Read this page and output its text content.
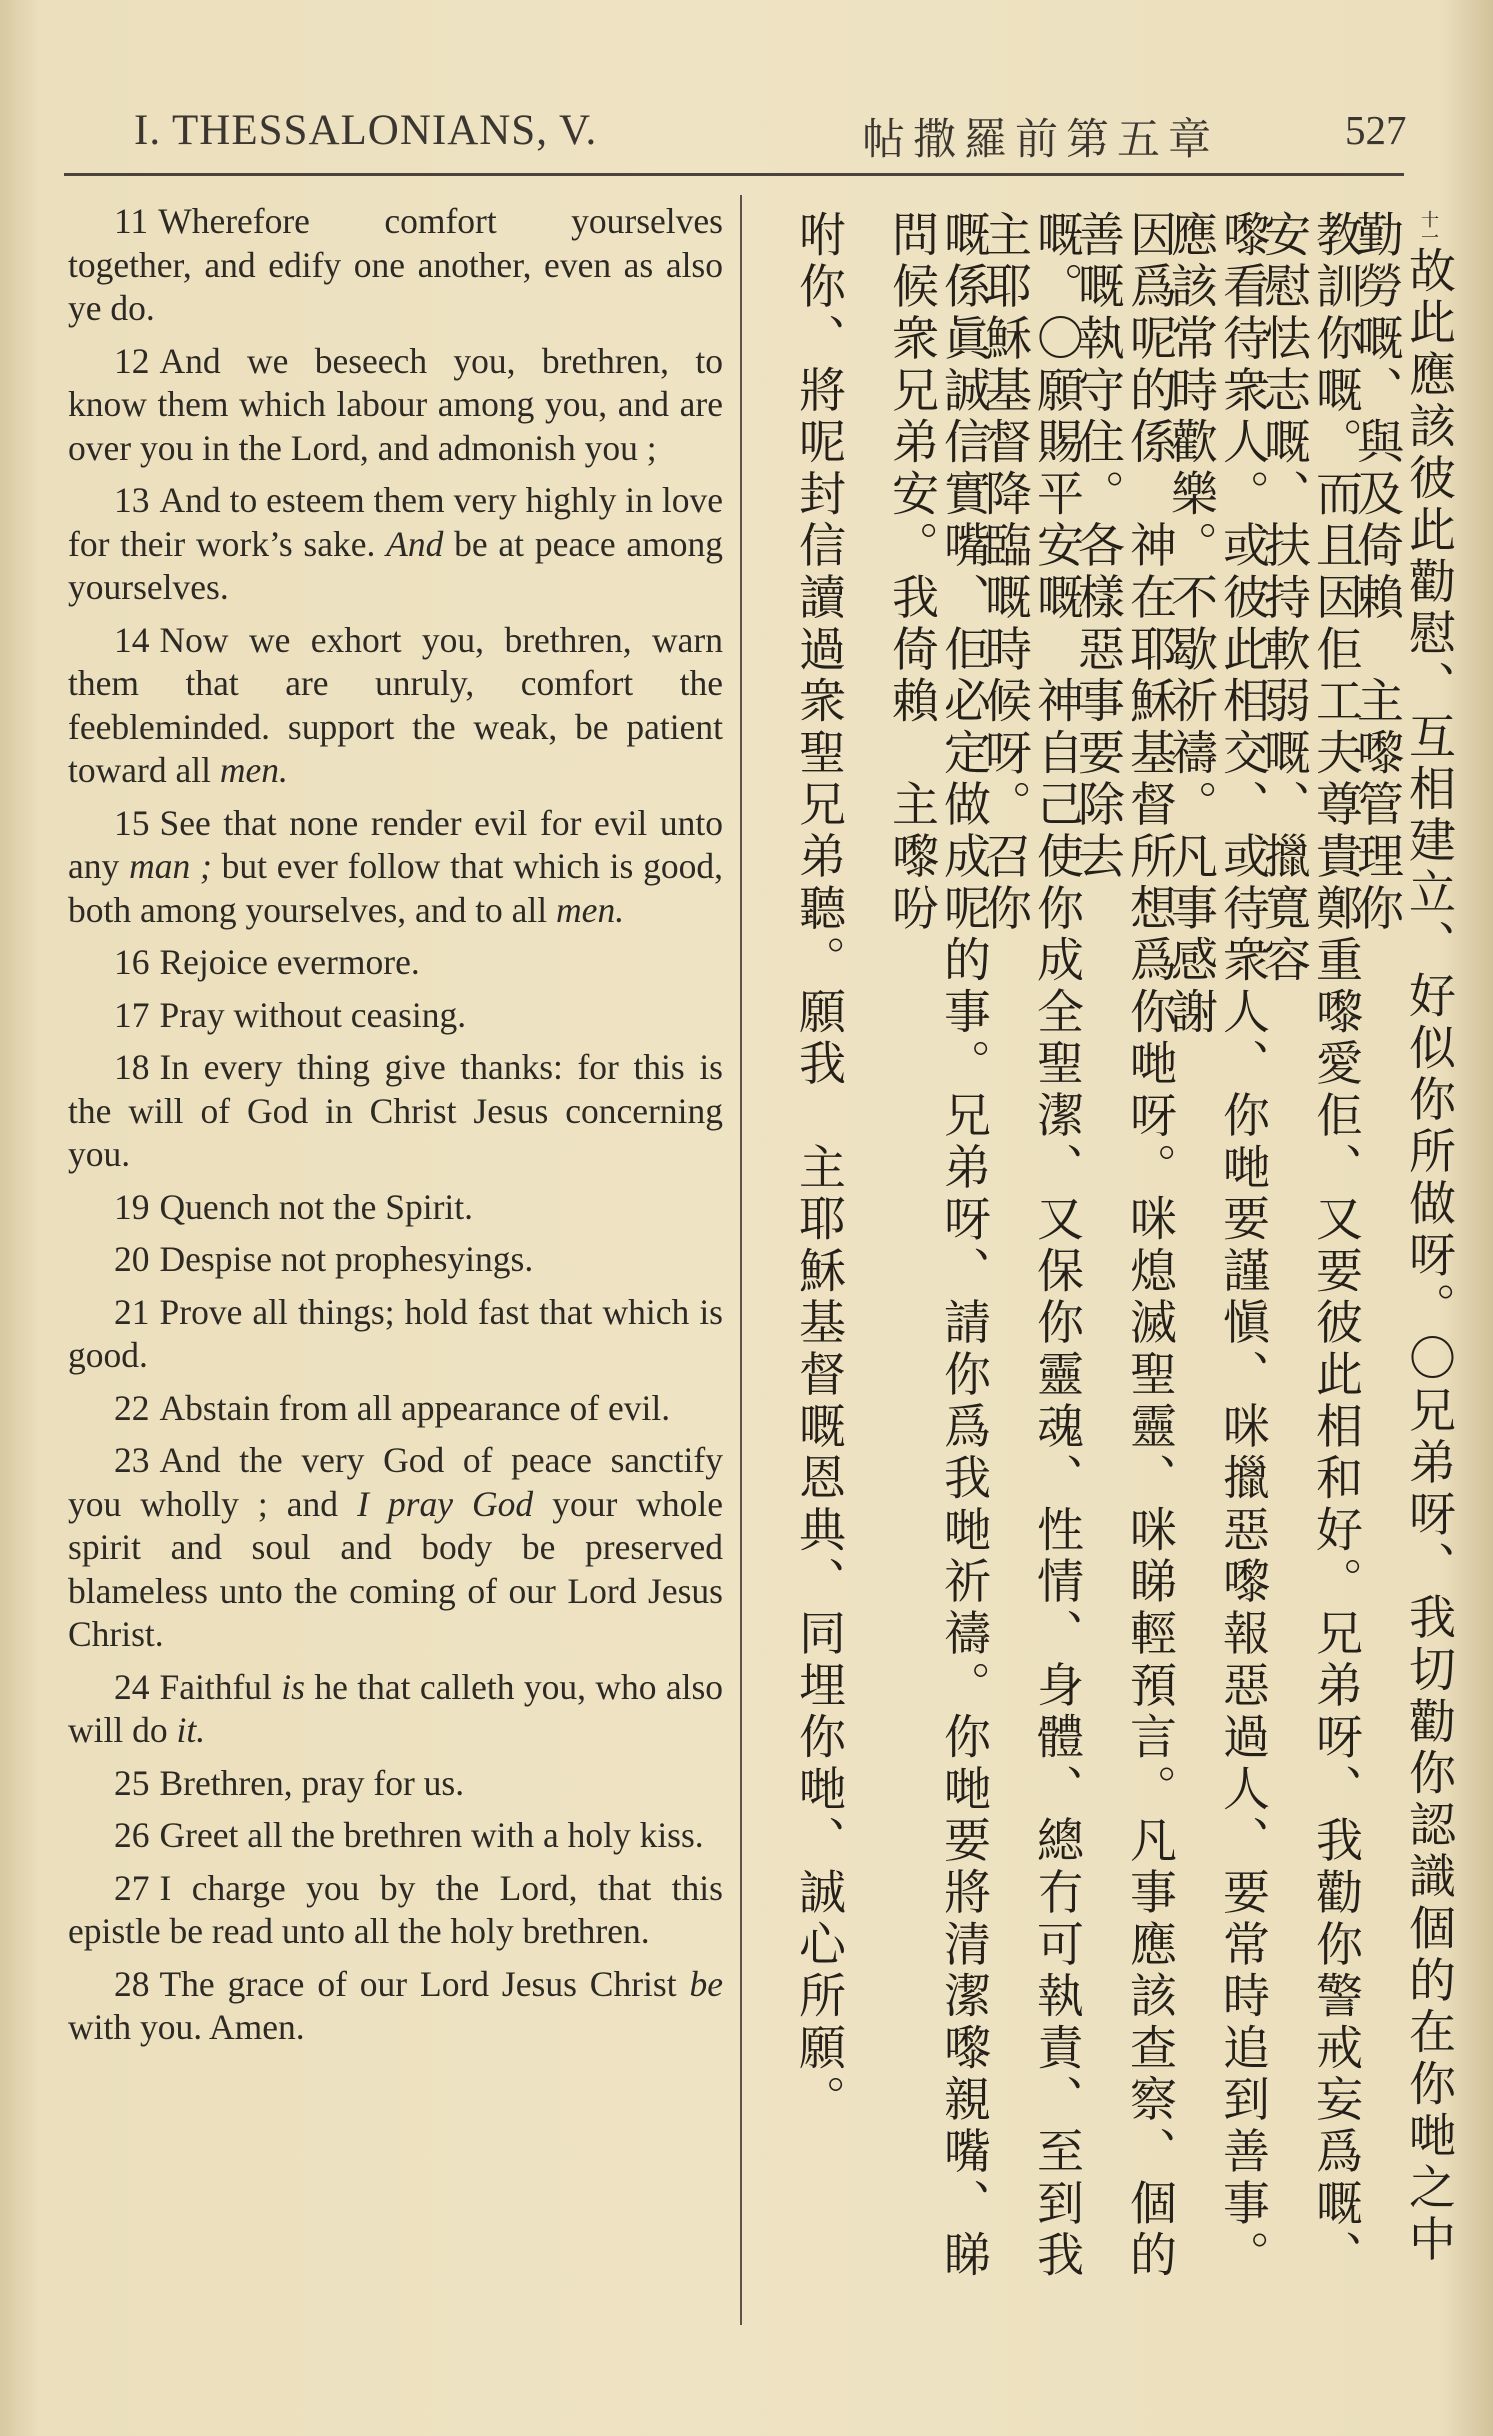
I. THESSALONIANS, V.	帖撒羅前第五章	527

11 Wherefore comfort yourselves together, and edify one another, even as also ye do.

12 And we beseech you, brethren, to know them which labour among you, and are over you in the Lord, and admonish you ;

13 And to esteem them very highly in love for their work’s sake. And be at peace among yourselves.

14 Now we exhort you, brethren, warn them that are unruly, comfort the feebleminded. support the weak, be patient toward all men.

15 See that none render evil for evil unto any man ; but ever follow that which is good, both among yourselves, and to all men.

16 Rejoice evermore.

17 Pray without ceasing.

18 In every thing give thanks: for this is the will of God in Christ Jesus concerning you.

19 Quench not the Spirit.

20 Despise not prophesyings.

21 Prove all things; hold fast that which is good.

22 Abstain from all appearance of evil.

23 And the very God of peace sanctify you wholly ; and I pray God your whole spirit and soul and body be preserved blameless unto the coming of our Lord Jesus Christ.

24 Faithful is he that calleth you, who also will do it.

25 Brethren, pray for us.

26 Greet all the brethren with a holy kiss.

27 I charge you by the Lord, that this epistle be read unto all the holy brethren.

28 The grace of our Lord Jesus Christ be with you. Amen.

$^{十一}$故此應該彼此勸慰、互相建立、好似你所做呀。〇兄弟呀、我切勸你認識個的在你哋之中勤勞嘅、與及倚賴　主嚟管理你
教訓你嘅。而且因佢工夫尊貴鄭重嚟愛佢、又要彼此相和好。兄弟呀、我勸你警戒妄爲嘅、安慰怯志嘅、扶持軟弱嘅、擸寬容
嚟看待衆人。或彼此相交、或待衆人、你哋要謹愼、咪擸惡嚟報惡過人、要常時追到善事。應該常時歡樂。不歇祈禱。凡事感謝
因爲呢的係　神在耶穌基督所想爲你哋呀。咪熄滅聖靈、咪睇輕預言。凡事應該查察、個的善嘅執守住。各樣惡事要除去
嘅。〇願賜平安嘅　神自己使你成全聖潔、又保你靈魂、性情、身體、總冇可執責、至到我　主耶穌基督降臨嘅時候呀。召你
嘅係眞誠信實嘴、佢必定做成呢的事。兄弟呀、請你爲我哋祈禱。你哋要將清潔嚟親嘴、睇問候衆兄弟安。我倚賴　主嚟吩
咐你、將呢封信讀過衆聖兄弟聽。願我　主耶穌基督嘅恩典、同埋你哋、誠心所願。
